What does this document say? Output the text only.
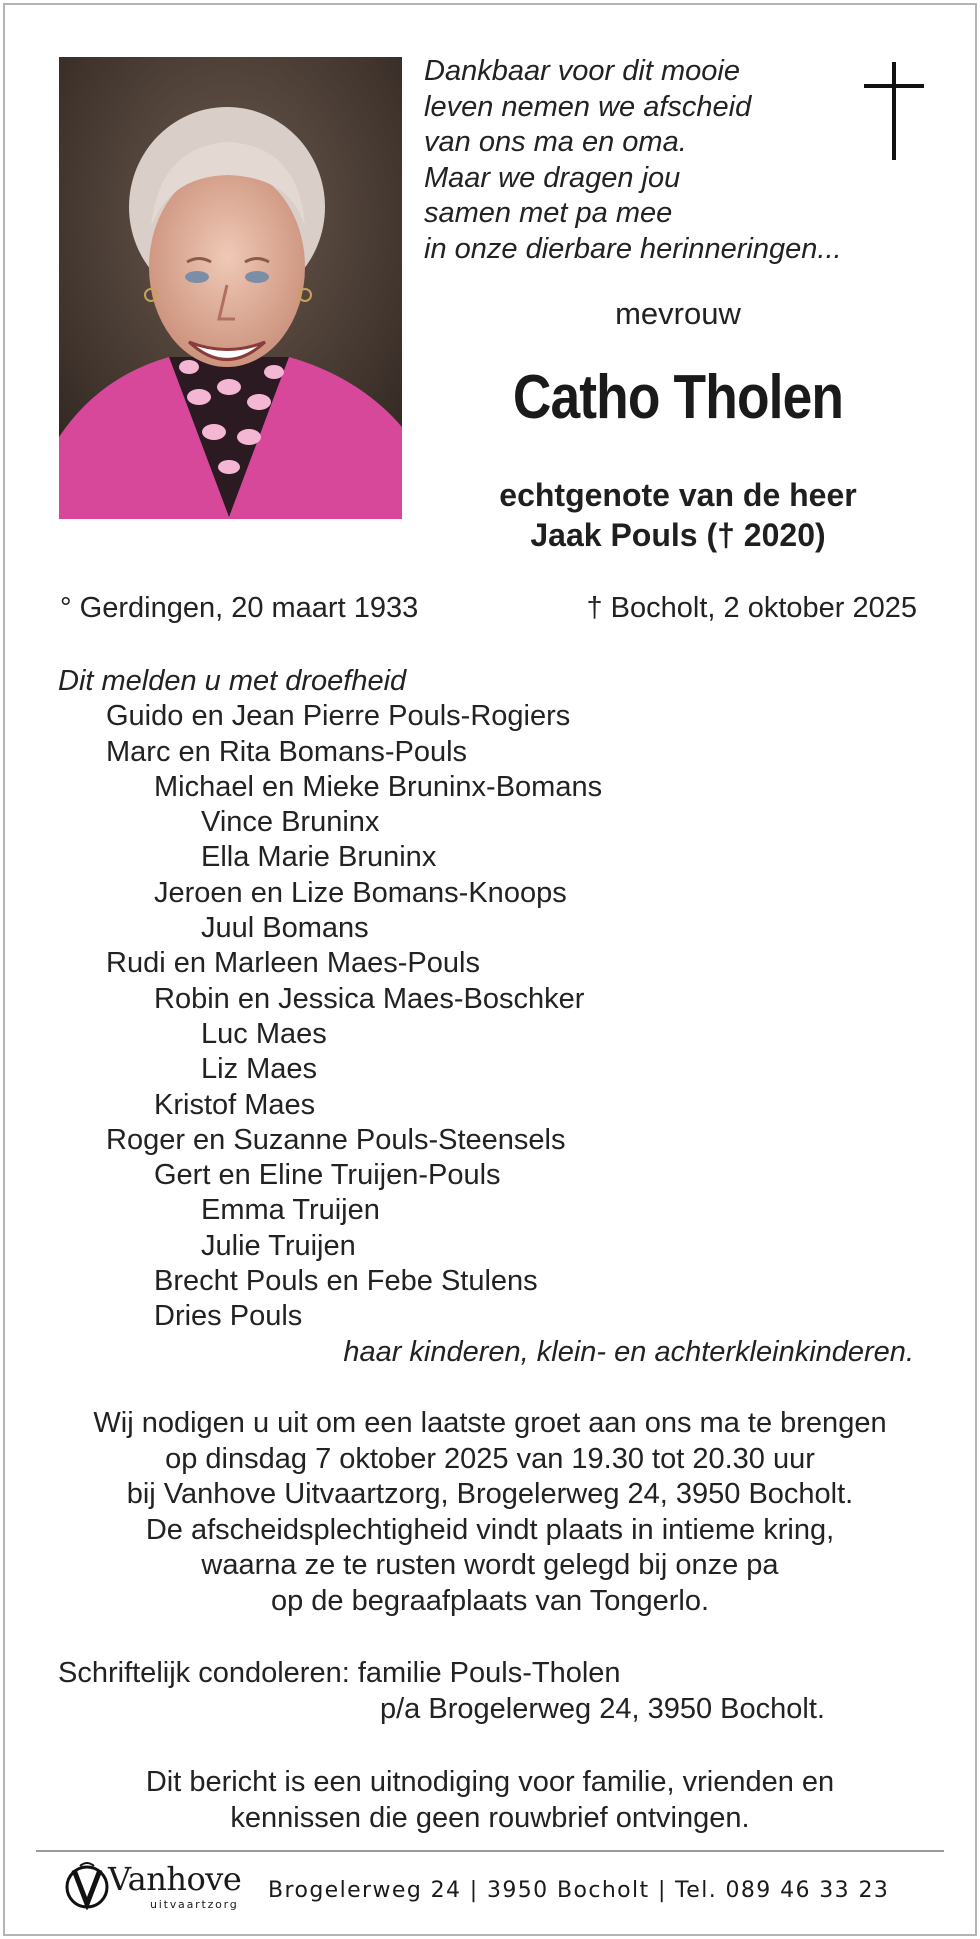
Dankbaar voor dit mooie
leven nemen we afscheid
van ons ma en oma.
Maar we dragen jou
samen met pa mee
in onze dierbare herinneringen...
mevrouw
Catho Tholen
echtgenote van de heer
Jaak Pouls († 2020)
° Gerdingen, 20 maart 1933	† Bocholt, 2 oktober 2025
Dit melden u met droefheid
Guido en Jean Pierre Pouls-Rogiers
Marc en Rita Bomans-Pouls
Michael en Mieke Bruninx-Bomans
Vince Bruninx
Ella Marie Bruninx
Jeroen en Lize Bomans-Knoops
Juul Bomans
Rudi en Marleen Maes-Pouls
Robin en Jessica Maes-Boschker
Luc Maes
Liz Maes
Kristof Maes
Roger en Suzanne Pouls-Steensels
Gert en Eline Truijen-Pouls
Emma Truijen
Julie Truijen
Brecht Pouls en Febe Stulens
Dries Pouls
haar kinderen, klein- en achterkleinkinderen.
Wij nodigen u uit om een laatste groet aan ons ma te brengen
op dinsdag 7 oktober 2025 van 19.30 tot 20.30 uur
bij Vanhove Uitvaartzorg, Brogelerweg 24, 3950 Bocholt.
De afscheidsplechtigheid vindt plaats in intieme kring,
waarna ze te rusten wordt gelegd bij onze pa
op de begraafplaats van Tongerlo.
Schriftelijk condoleren: familie Pouls-Tholen
p/a Brogelerweg 24, 3950 Bocholt.
Dit bericht is een uitnodiging voor familie, vrienden en
kennissen die geen rouwbrief ontvingen.
Vanhove
uitvaartzorg
Brogelerweg 24 | 3950 Bocholt | Tel. 089 46 33 23
